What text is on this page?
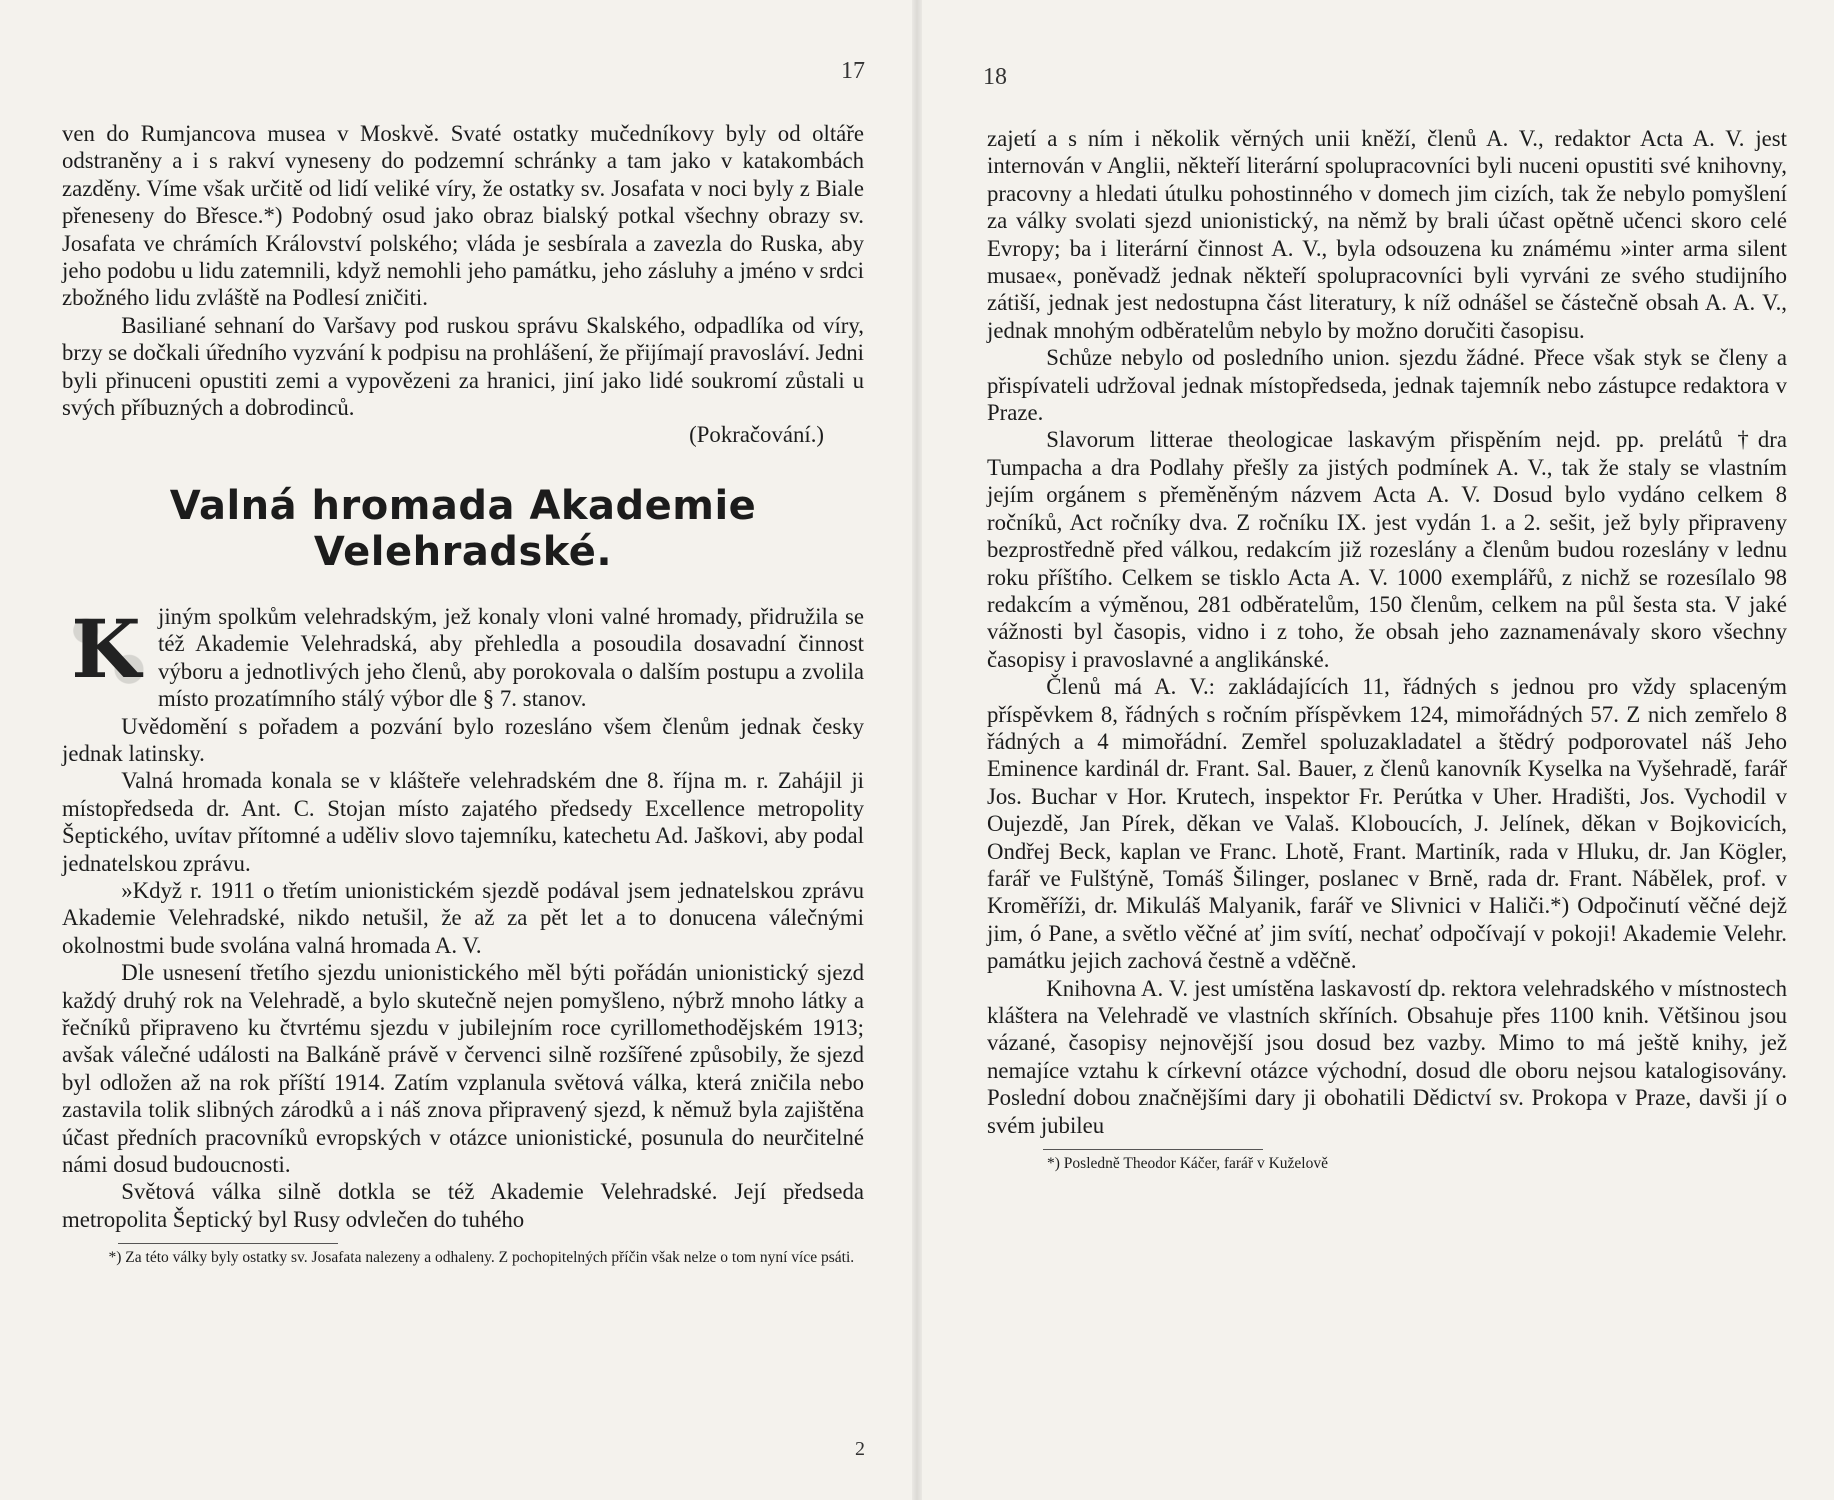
17

ven do Rumjancova musea v Moskvě. Svaté ostatky mučedníkovy byly od oltáře odstraněny a i s rakví vyneseny do podzemní schránky a tam jako v katakombách zazděny. Víme však určitě od lidí veliké víry, že ostatky sv. Josafata v noci byly z Biale přeneseny do Břesce.*) Podobný osud jako obraz bialský potkal všechny obrazy sv. Josafata ve chrámích Království polského; vláda je sesbírala a zavezla do Ruska, aby jeho podobu u lidu zatemnili, když nemohli jeho památku, jeho zásluhy a jméno v srdci zbožného lidu zvláště na Podlesí zničiti.

Basiliané sehnaní do Varšavy pod ruskou správu Skalského, odpadlíka od víry, brzy se dočkali úředního vyzvání k podpisu na prohlášení, že přijímají pravosláví. Jedni byli přinuceni opustiti zemi a vypovězeni za hranici, jiní jako lidé soukromí zůstali u svých příbuzných a dobrodinců.

(Pokračování.)

Valná hromada Akademie Velehradské.
K jiným spolkům velehradským, jež konaly vloni valné hromady, přidružila se též Akademie Velehradská, aby přehledla a posoudila dosavadní činnost výboru a jednotlivých jeho členů, aby porokovala o dalším postupu a zvolila místo prozatímního stálý výbor dle § 7. stanov.

Uvědomění s pořadem a pozvání bylo rozesláno všem členům jednak česky jednak latinsky.

Valná hromada konala se v klášteře velehradském dne 8. října m. r. Zahájil ji místopředseda dr. Ant. C. Stojan místo zajatého předsedy Excellence metropolity Šeptického, uvítav přítomné a uděliv slovo tajemníku, katechetu Ad. Jaškovi, aby podal jednatelskou zprávu.

»Když r. 1911 o třetím unionistickém sjezdě podával jsem jednatelskou zprávu Akademie Velehradské, nikdo netušil, že až za pět let a to donucena válečnými okolnostmi bude svolána valná hromada A. V.

Dle usnesení třetího sjezdu unionistického měl býti pořádán unionistický sjezd každý druhý rok na Velehradě, a bylo skutečně nejen pomyšleno, nýbrž mnoho látky a řečníků připraveno ku čtvrtému sjezdu v jubilejním roce cyrillomethodějském 1913; avšak válečné události na Balkáně právě v červenci silně rozšířené způsobily, že sjezd byl odložen až na rok příští 1914. Zatím vzplanula světová válka, která zničila nebo zastavila tolik slibných zárodků a i náš znova připravený sjezd, k němuž byla zajištěna účast předních pracovníků evropských v otázce unionistické, posunula do neurčitelné námi dosud budoucnosti.

Světová válka silně dotkla se též Akademie Velehradské. Její předseda metropolita Šeptický byl Rusy odvlečen do tuhého

*) Za této války byly ostatky sv. Josafata nalezeny a odhaleny. Z pochopitelných příčin však nelze o tom nyní více psáti.

2
18

zajetí a s ním i několik věrných unii kněží, členů A. V., redaktor Acta A. V. jest internován v Anglii, někteří literární spolupracovníci byli nuceni opustiti své knihovny, pracovny a hledati útulku pohostinného v domech jim cizích, tak že nebylo pomyšlení za války svolati sjezd unionistický, na němž by brali účast opětně učenci skoro celé Evropy; ba i literární činnost A. V., byla odsouzena ku známému »inter arma silent musae«, poněvadž jednak někteří spolupracovníci byli vyrváni ze svého studijního zátiší, jednak jest nedostupna část literatury, k níž odnášel se částečně obsah A. A. V., jednak mnohým odběratelům nebylo by možno doručiti časopisu.

Schůze nebylo od posledního union. sjezdu žádné. Přece však styk se členy a přispívateli udržoval jednak místopředseda, jednak tajemník nebo zástupce redaktora v Praze.

Slavorum litterae theologicae laskavým přispěním nejd. pp. prelátů †dra Tumpacha a dra Podlahy přešly za jistých podmínek A. V., tak že staly se vlastním jejím orgánem s přeměněným názvem Acta A. V. Dosud bylo vydáno celkem 8 ročníků, Act ročníky dva. Z ročníku IX. jest vydán 1. a 2. sešit, jež byly připraveny bezprostředně před válkou, redakcím již rozeslány a členům budou rozeslány v lednu roku příštího. Celkem se tisklo Acta A. V. 1000 exemplářů, z nichž se rozesílalo 98 redakcím a výměnou, 281 odběratelům, 150 členům, celkem na půl šesta sta. V jaké vážnosti byl časopis, vidno i z toho, že obsah jeho zaznamenávaly skoro všechny časopisy i pravoslavné a anglikánské.

Členů má A. V.: zakládajících 11, řádných s jednou pro vždy splaceným příspěvkem 8, řádných s ročním příspěvkem 124, mimořádných 57. Z nich zemřelo 8 řádných a 4 mimořádní. Zemřel spoluzakladatel a štědrý podporovatel náš Jeho Eminence kardinál dr. Frant. Sal. Bauer, z členů kanovník Kyselka na Vyšehradě, farář Jos. Buchar v Hor. Krutech, inspektor Fr. Perútka v Uher. Hradišti, Jos. Vychodil v Oujezdě, Jan Pírek, děkan ve Valaš. Kloboucích, J. Jelínek, děkan v Bojkovicích, Ondřej Beck, kaplan ve Franc. Lhotě, Frant. Martiník, rada v Hluku, dr. Jan Kögler, farář ve Fulštýně, Tomáš Šilinger, poslanec v Brně, rada dr. Frant. Nábělek, prof. v Kroměříži, dr. Mikuláš Malyanik, farář ve Slivnici v Haliči.*) Odpočinutí věčné dejž jim, ó Pane, a světlo věčné ať jim svítí, nechať odpočívají v pokoji! Akademie Velehr. památku jejich zachová čestně a vděčně.

Knihovna A. V. jest umístěna laskavostí dp. rektora velehradského v místnostech kláštera na Velehradě ve vlastních skříních. Obsahuje přes 1100 knih. Většinou jsou vázané, časopisy nejnovější jsou dosud bez vazby. Mimo to má ještě knihy, jež nemajíce vztahu k církevní otázce východní, dosud dle oboru nejsou katalogisovány. Poslední dobou značnějšími dary ji obohatili Dědictví sv. Prokopa v Praze, davši jí o svém jubileu

*) Posledně Theodor Káčer, farář v Kuželově
